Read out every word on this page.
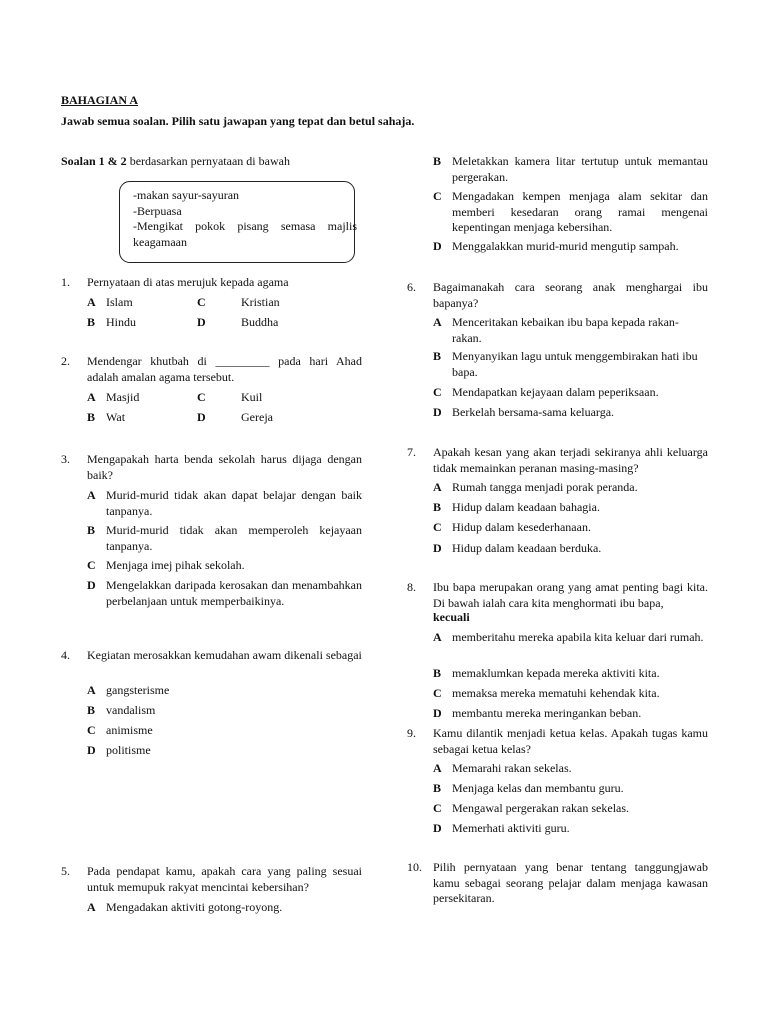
BAHAGIAN A
Jawab semua soalan. Pilih satu jawapan yang tepat dan betul sahaja.
Soalan 1 & 2 berdasarkan pernyataan di bawah
-makan sayur-sayuran
-Berpuasa
-Mengikat pokok pisang semasa majlis keagamaan
1. Pernyataan di atas merujuk kepada agama
A Islam	C	Kristian
B Hindu	D	Buddha
2. Mendengar khutbah di _________ pada hari Ahad adalah amalan agama tersebut.
A Masjid	C	Kuil
B Wat	D	Gereja
3. Mengapakah harta benda sekolah harus dijaga dengan baik?
A Murid-murid tidak akan dapat belajar dengan baik tanpanya.
B Murid-murid tidak akan memperoleh kejayaan tanpanya.
C Menjaga imej pihak sekolah.
D Mengelakkan daripada kerosakan dan menambahkan perbelanjaan untuk memperbaikinya.
4. Kegiatan merosakkan kemudahan awam dikenali sebagai
A gangsterisme
B vandalism
C animisme
D politisme
5. Pada pendapat kamu, apakah cara yang paling sesuai untuk memupuk rakyat mencintai kebersihan?
A Mengadakan aktiviti gotong-royong.
B Meletakkan kamera litar tertutup untuk memantau pergerakan.
C Mengadakan kempen menjaga alam sekitar dan memberi kesedaran orang ramai mengenai kepentingan menjaga kebersihan.
D Menggalakkan murid-murid mengutip sampah.
6. Bagaimanakah cara seorang anak menghargai ibu bapanya?
A Menceritakan kebaikan ibu bapa kepada rakan-rakan.
B Menyanyikan lagu untuk menggembirakan hati ibu bapa.
C Mendapatkan kejayaan dalam peperiksaan.
D Berkelah bersama-sama keluarga.
7. Apakah kesan yang akan terjadi sekiranya ahli keluarga tidak memainkan peranan masing-masing?
A Rumah tangga menjadi porak peranda.
B Hidup dalam keadaan bahagia.
C Hidup dalam kesederhanaan.
D Hidup dalam keadaan berduka.
8. Ibu bapa merupakan orang yang amat penting bagi kita. Di bawah ialah cara kita menghormati ibu bapa,
kecuali
A memberitahu mereka apabila kita keluar dari rumah.
B memaklumkan kepada mereka aktiviti kita.
C memaksa mereka mematuhi kehendak kita.
D membantu mereka meringankan beban.
9. Kamu dilantik menjadi ketua kelas. Apakah tugas kamu sebagai ketua kelas?
A Memarahi rakan sekelas.
B Menjaga kelas dan membantu guru.
C Mengawal pergerakan rakan sekelas.
D Memerhati aktiviti guru.
10. Pilih pernyataan yang benar tentang tanggungjawab kamu sebagai seorang pelajar dalam menjaga kawasan persekitaran.
